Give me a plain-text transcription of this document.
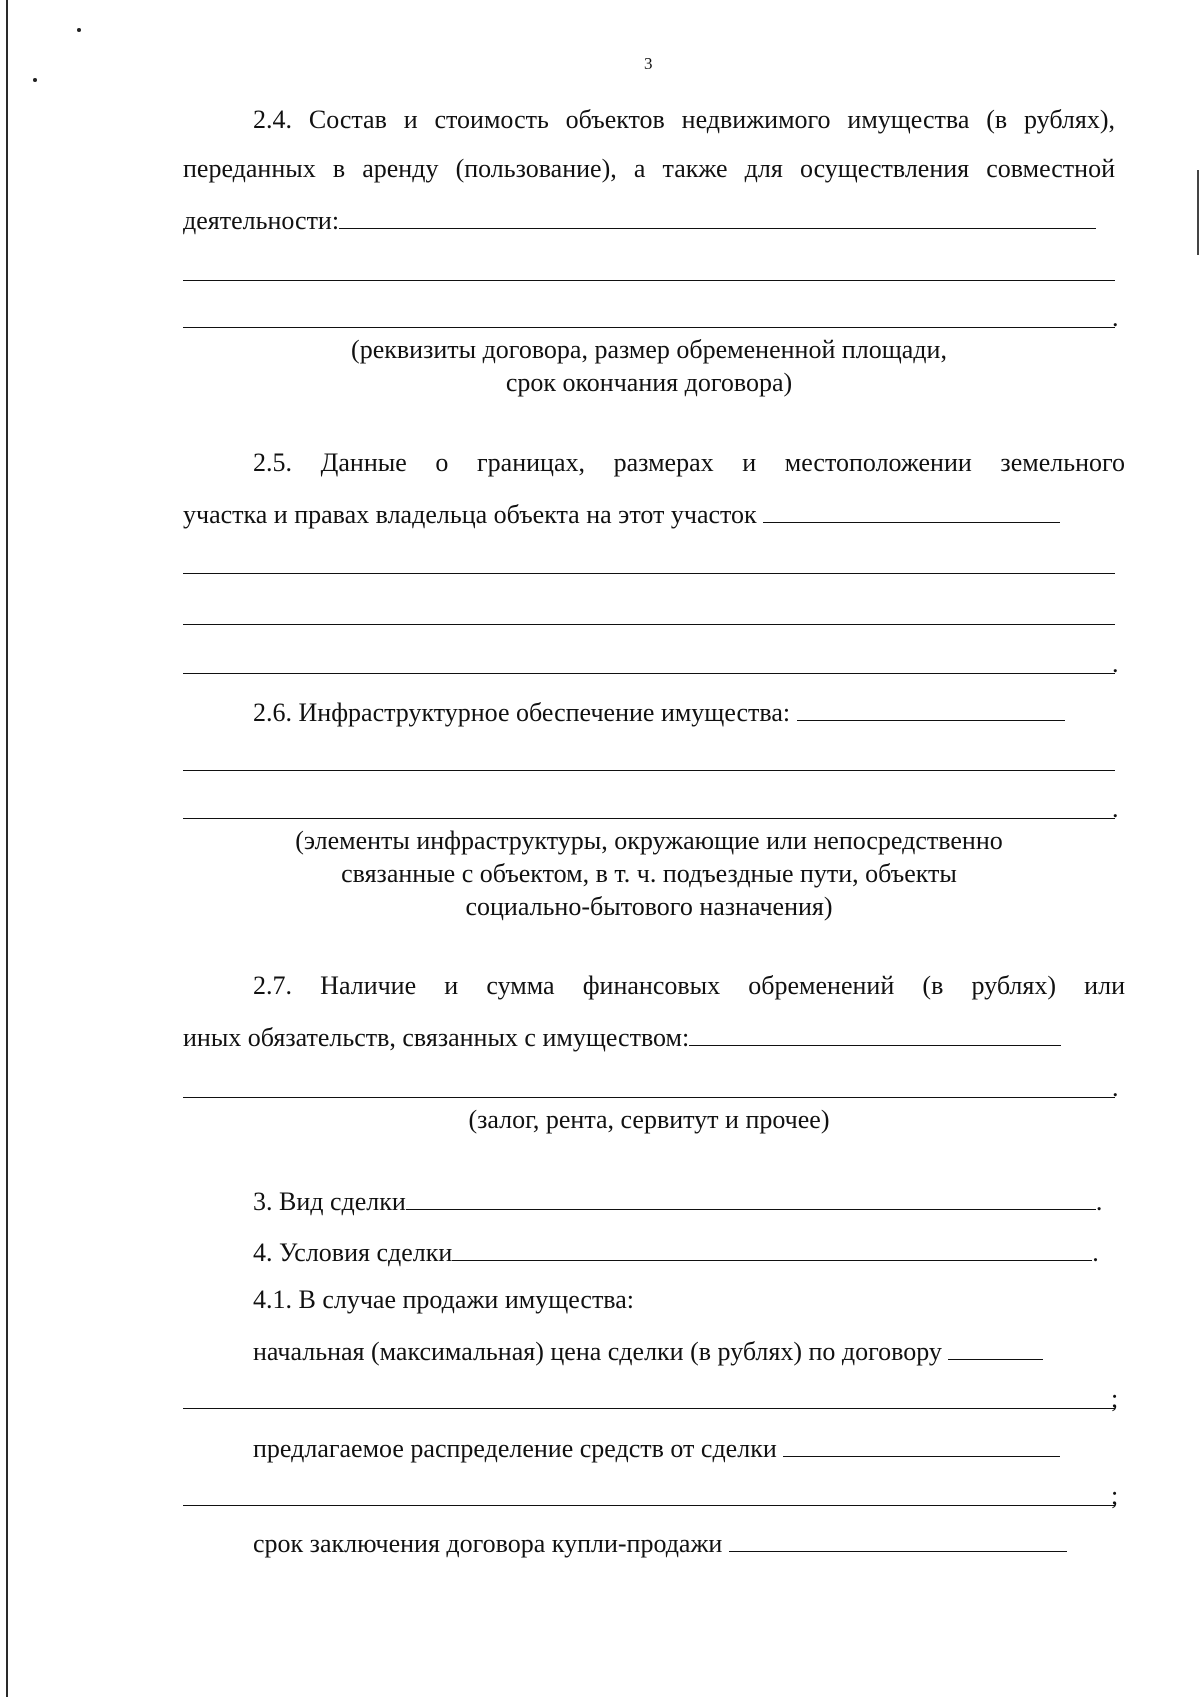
3
2.4. Состав и стоимость объектов недвижимого имущества (в рублях),
переданных в аренду (пользование), а также для осуществления совместной
деятельности:
.
(реквизиты договора, размер обремененной площади,
срок окончания договора)
2.5. Данные о границах, размерах и местоположении земельного
участка и правах владельца объекта на этот участок
.
2.6. Инфраструктурное обеспечение имущества:
.
(элементы инфраструктуры, окружающие или непосредственно
связанные с объектом, в т. ч. подъездные пути, объекты
социально-бытового назначения)
2.7. Наличие и сумма финансовых обременений (в рублях) или
иных обязательств, связанных с имуществом:
.
(залог, рента, сервитут и прочее)
3. Вид сделки	.
4. Условия сделки	.
4.1. В случае продажи имущества:
начальная (максимальная) цена сделки (в рублях) по договору
;
предлагаемое распределение средств от сделки
;
срок заключения договора купли-продажи
